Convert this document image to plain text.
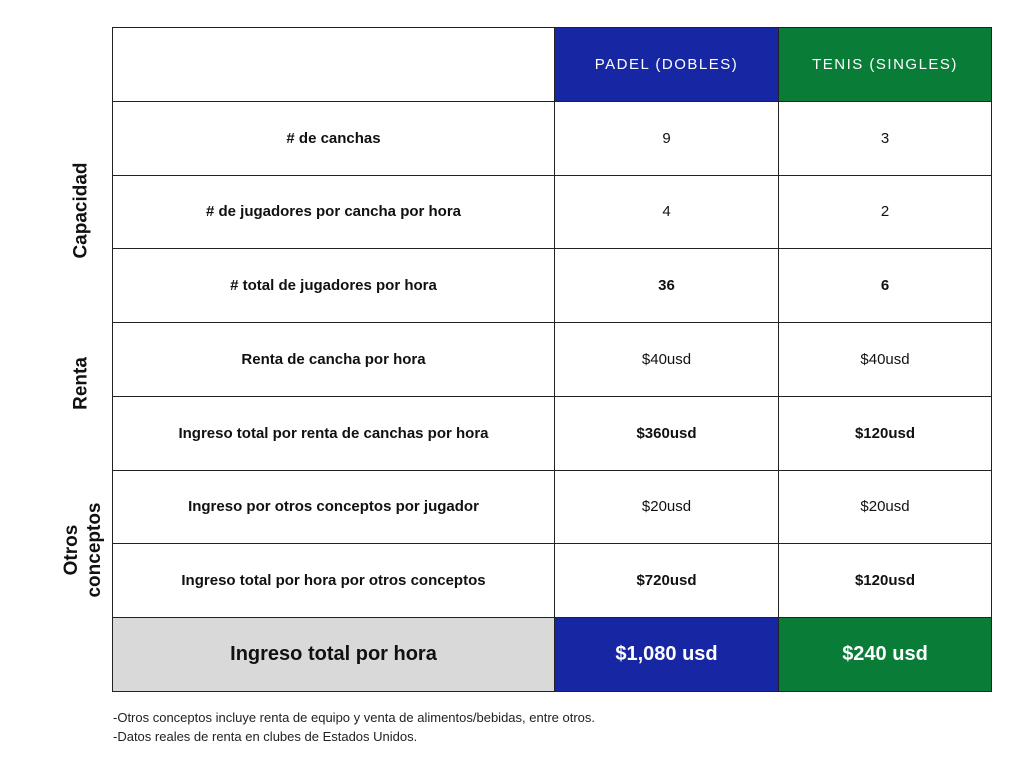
Capacidad
Renta
Otros conceptos
	PADEL (DOBLES)	TENIS (SINGLES)
# de canchas	9	3
# de jugadores por cancha por hora	4	2
# total de jugadores por hora	36	6
Renta de cancha por hora	$40usd	$40usd
Ingreso total por renta de canchas por hora	$360usd	$120usd
Ingreso por otros conceptos por jugador	$20usd	$20usd
Ingreso total por hora por otros conceptos	$720usd	$120usd
Ingreso total por hora	$1,080 usd	$240 usd
-Otros conceptos incluye renta de equipo y venta de alimentos/bebidas, entre otros.
-Datos reales de renta en clubes de Estados Unidos.
